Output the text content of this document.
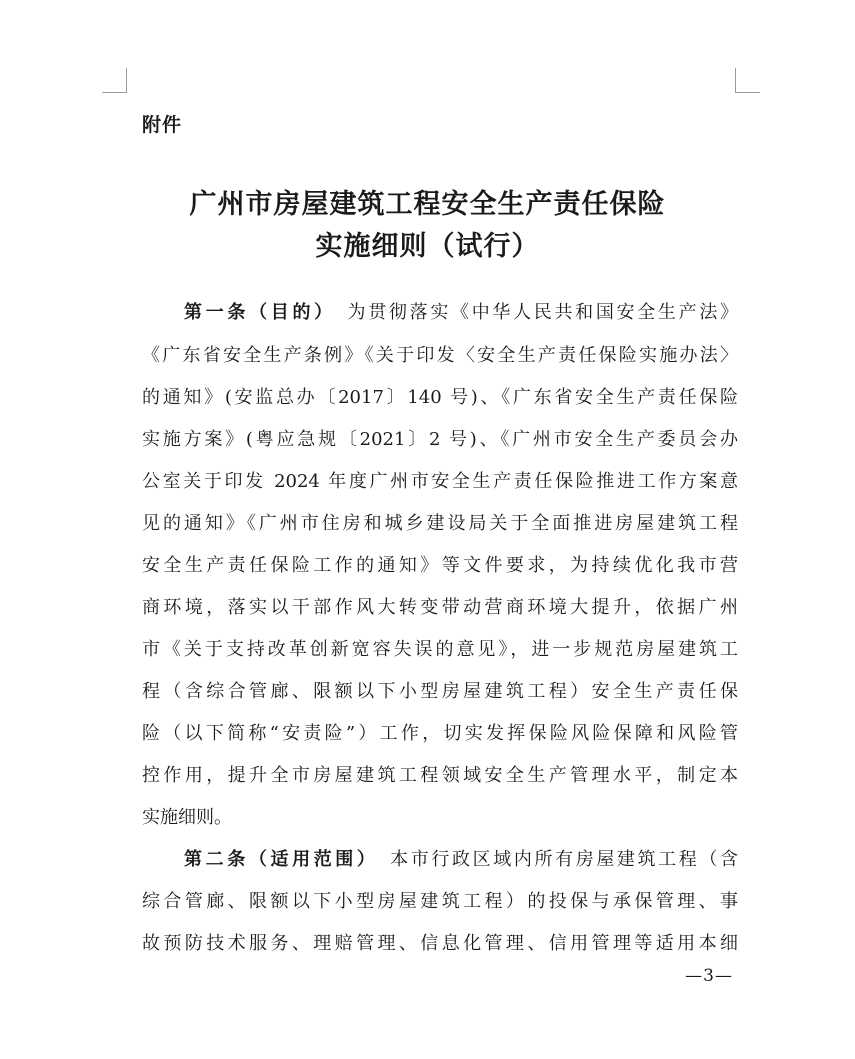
附件
广州市房屋建筑工程安全生产责任保险
实施细则（试行）
第一条（目的）  为贯彻落实《中华人民共和国安全生产法》
《广东省安全生产条例》《关于印发〈安全生产责任保险实施办法〉
的通知》(安监总办〔2017〕140 号)、《广东省安全生产责任保险
实施方案》(粤应急规〔2021〕2 号)、《广州市安全生产委员会办
公室关于印发 2024 年度广州市安全生产责任保险推进工作方案意
见的通知》《广州市住房和城乡建设局关于全面推进房屋建筑工程
安全生产责任保险工作的通知》等文件要求，为持续优化我市营
商环境，落实以干部作风大转变带动营商环境大提升，依据广州
市《关于支持改革创新宽容失误的意见》，进一步规范房屋建筑工
程（含综合管廊、限额以下小型房屋建筑工程）安全生产责任保
险（以下简称“安责险”）工作，切实发挥保险风险保障和风险管
控作用，提升全市房屋建筑工程领域安全生产管理水平，制定本
实施细则。
第二条（适用范围）  本市行政区域内所有房屋建筑工程（含
综合管廊、限额以下小型房屋建筑工程）的投保与承保管理、事
故预防技术服务、理赔管理、信息化管理、信用管理等适用本细
—3—
